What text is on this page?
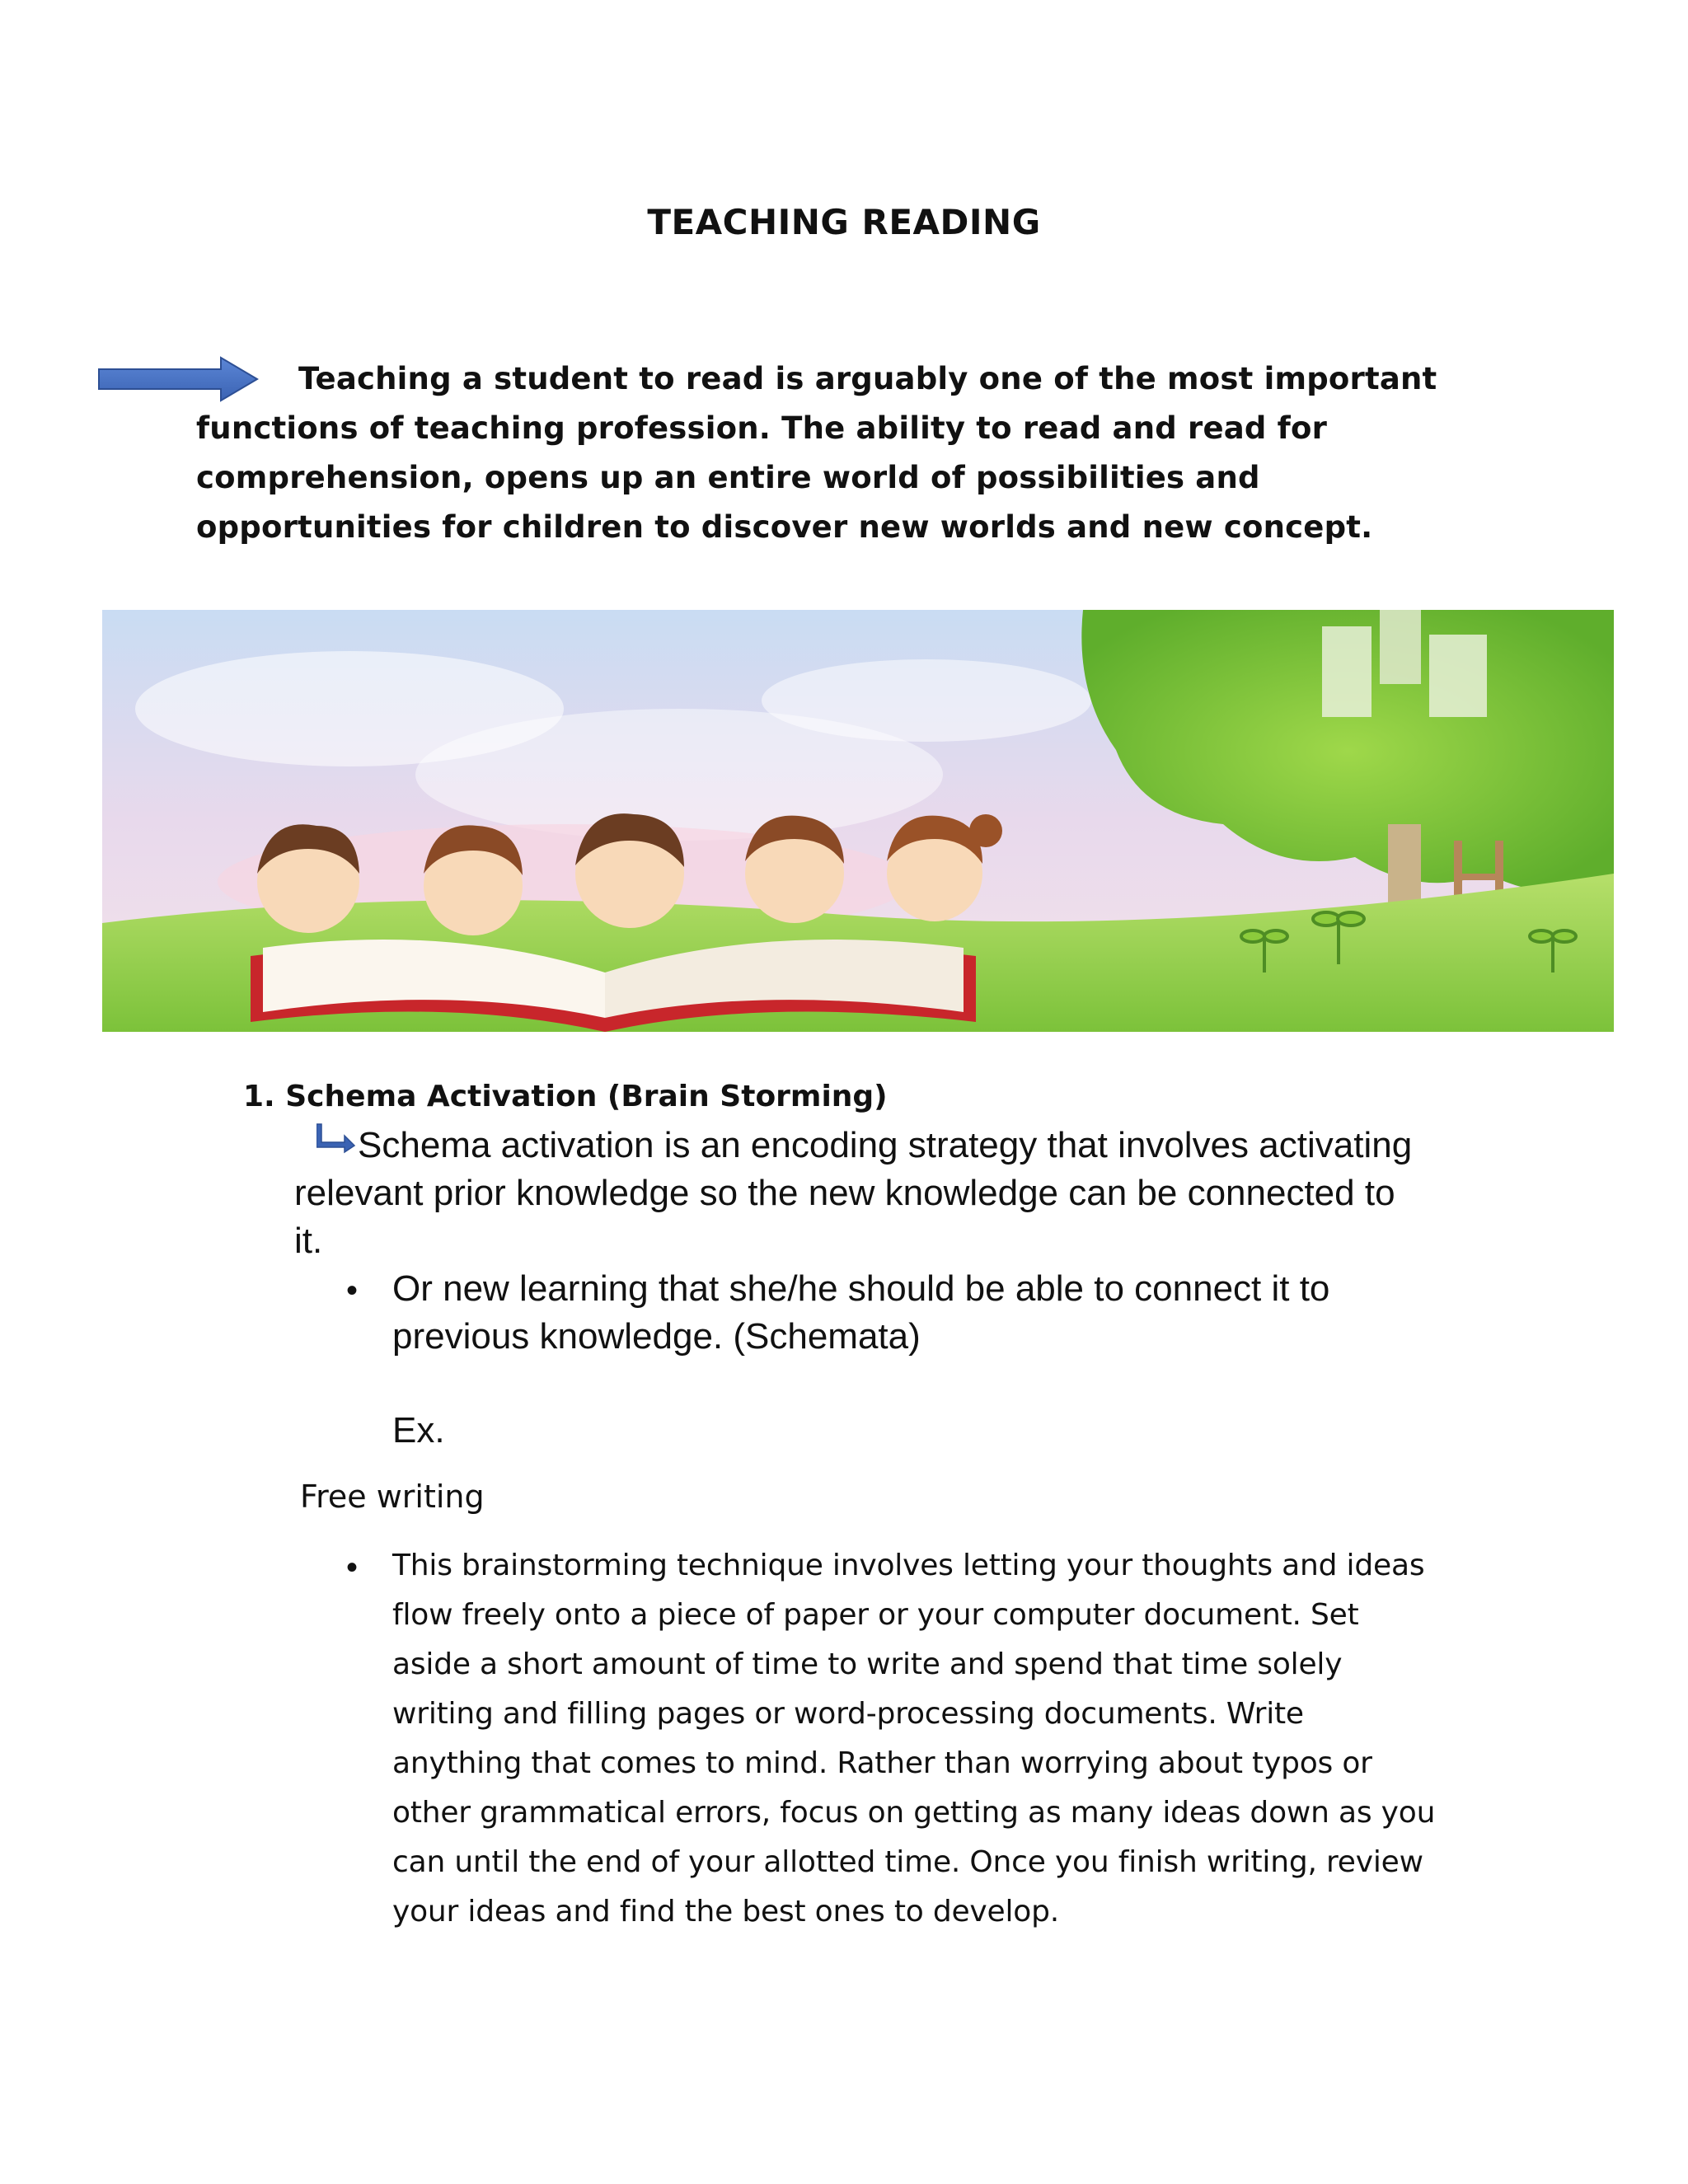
TEACHING READING
Teaching a student to read is arguably one of the most important
functions of teaching profession. The ability to read and read for
comprehension, opens up an entire world of possibilities and
opportunities for children to discover new worlds and new concept.
1. Schema Activation (Brain Storming)
Schema activation is an encoding strategy that involves activating
relevant prior knowledge so the new knowledge can be connected to
it.
• Or new learning that she/he should be able to connect it to
previous knowledge. (Schemata)
Ex.
Free writing
• This brainstorming technique involves letting your thoughts and ideas
flow freely onto a piece of paper or your computer document. Set
aside a short amount of time to write and spend that time solely
writing and filling pages or word-processing documents. Write
anything that comes to mind. Rather than worrying about typos or
other grammatical errors, focus on getting as many ideas down as you
can until the end of your allotted time. Once you finish writing, review
your ideas and find the best ones to develop.
